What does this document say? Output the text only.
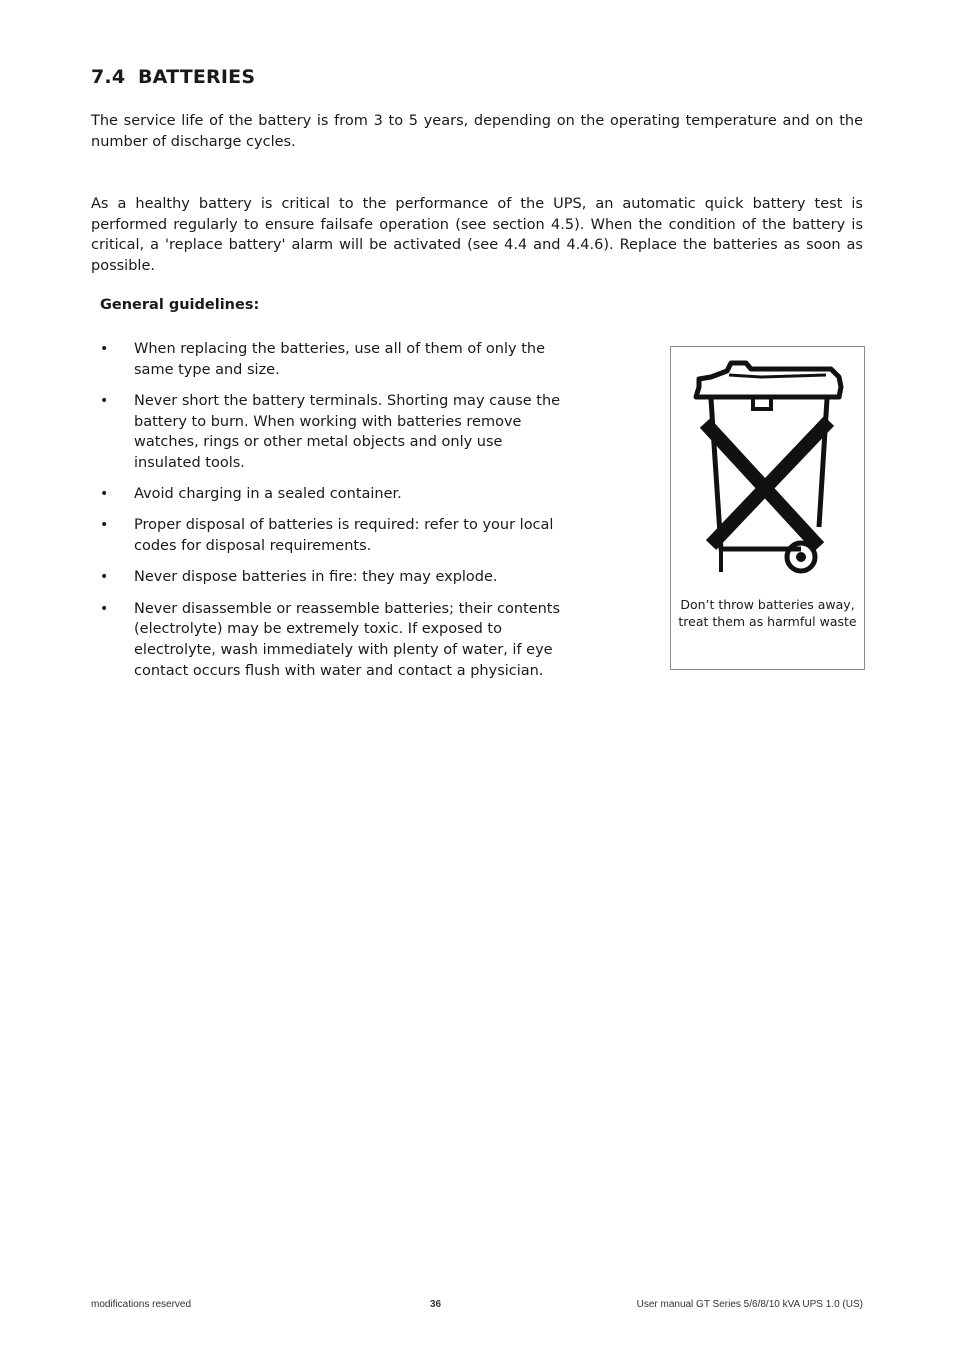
7.4 BATTERIES

The service life of the battery is from 3 to 5 years, depending on the operating temperature and on the number of discharge cycles.

As a healthy battery is critical to the performance of the UPS, an automatic quick battery test is performed regularly to ensure failsafe operation (see section 4.5). When the condition of the battery is critical, a 'replace battery' alarm will be activated (see 4.4 and 4.4.6). Replace the batteries as soon as possible.

General guidelines:

• When replacing the batteries, use all of them of only the same type and size.
• Never short the battery terminals. Shorting may cause the battery to burn. When working with batteries remove watches, rings or other metal objects and only use insulated tools.
• Avoid charging in a sealed container.
• Proper disposal of batteries is required: refer to your local codes for disposal requirements.
• Never dispose batteries in fire: they may explode.
• Never disassemble or reassemble batteries; their contents (electrolyte) may be extremely toxic. If exposed to electrolyte, wash immediately with plenty of water, if eye contact occurs flush with water and contact a physician.
Don’t throw batteries away, treat them as harmful waste
modifications reserved	36	User manual GT Series 5/6/8/10 kVA UPS 1.0 (US)
